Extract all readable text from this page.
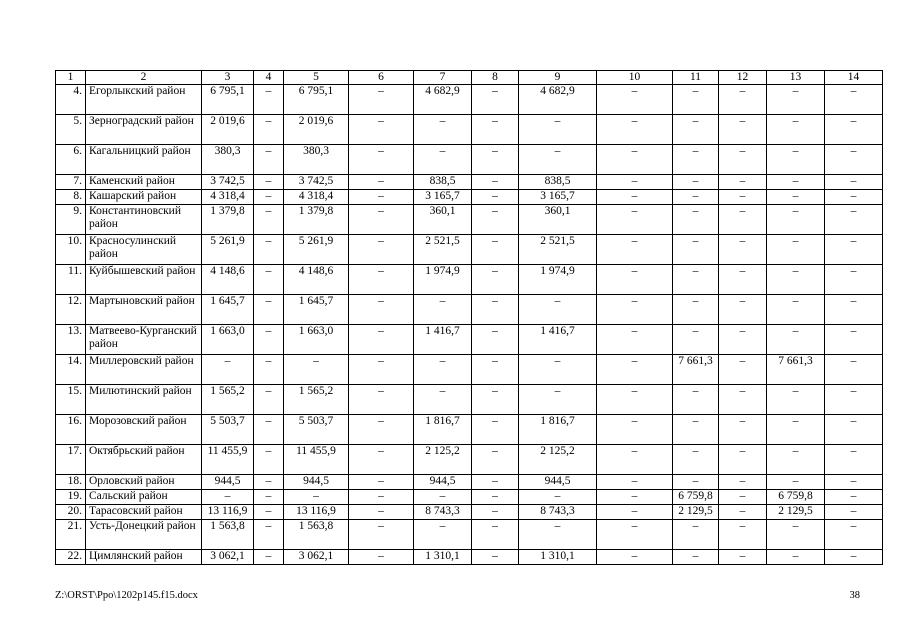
1	2	3	4	5	6	7	8	9	10	11	12	13	14
4.	Егорлыкский район	6 795,1	–	6 795,1	–	4 682,9	–	4 682,9	–	–	–	–	–
5.	Зерноградский район	2 019,6	–	2 019,6	–	–	–	–	–	–	–	–	–
6.	Кагальницкий район	380,3	–	380,3	–	–	–	–	–	–	–	–	–
7.	Каменский район	3 742,5	–	3 742,5	–	838,5	–	838,5	–	–	–	–	–
8.	Кашарский район	4 318,4	–	4 318,4	–	3 165,7	–	3 165,7	–	–	–	–	–
9.	Константиновский район	1 379,8	–	1 379,8	–	360,1	–	360,1	–	–	–	–	–
10.	Красносулинский район	5 261,9	–	5 261,9	–	2 521,5	–	2 521,5	–	–	–	–	–
11.	Куйбышевский район	4 148,6	–	4 148,6	–	1 974,9	–	1 974,9	–	–	–	–	–
12.	Мартыновский район	1 645,7	–	1 645,7	–	–	–	–	–	–	–	–	–
13.	Матвеево-Курганский район	1 663,0	–	1 663,0	–	1 416,7	–	1 416,7	–	–	–	–	–
14.	Миллеровский район	–	–	–	–	–	–	–	–	7 661,3	–	7 661,3	–
15.	Милютинский район	1 565,2	–	1 565,2	–	–	–	–	–	–	–	–	–
16.	Морозовский район	5 503,7	–	5 503,7	–	1 816,7	–	1 816,7	–	–	–	–	–
17.	Октябрьский район	11 455,9	–	11 455,9	–	2 125,2	–	2 125,2	–	–	–	–	–
18.	Орловский район	944,5	–	944,5	–	944,5	–	944,5	–	–	–	–	–
19.	Сальский район	–	–	–	–	–	–	–	–	6 759,8	–	6 759,8	–
20.	Тарасовский район	13 116,9	–	13 116,9	–	8 743,3	–	8 743,3	–	2 129,5	–	2 129,5	–
21.	Усть-Донецкий район	1 563,8	–	1 563,8	–	–	–	–	–	–	–	–	–
22.	Цимлянский район	3 062,1	–	3 062,1	–	1 310,1	–	1 310,1	–	–	–	–	–
Z:\ORST\Ppo\1202p145.f15.docx	38
